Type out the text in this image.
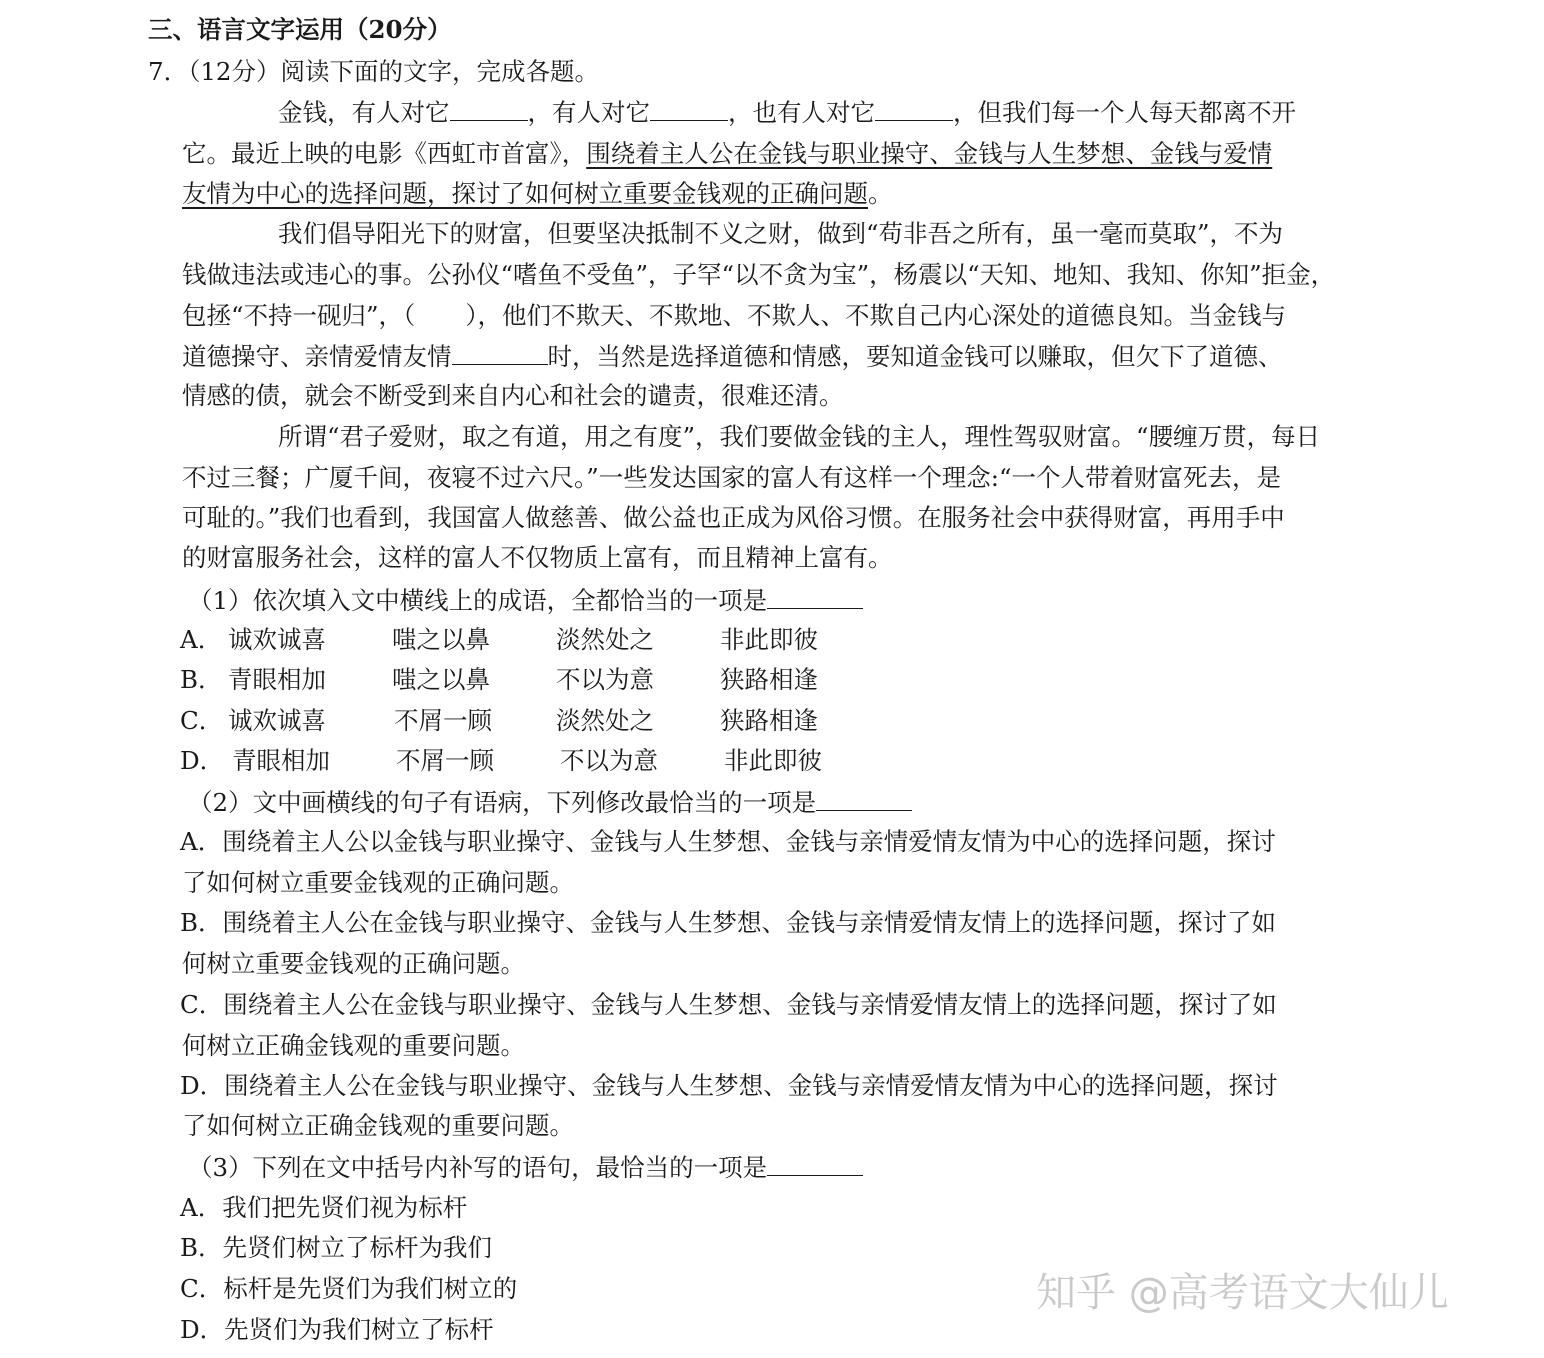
三、语言文字运用（20分）
7．（12分）阅读下面的文字，完成各题。
金钱，有人对它	，有人对它	，也有人对它	，但我们每一个人每天都离不开
它。最近上映的电影《西虹市首富》，围绕着主人公在金钱与职业操守、金钱与人生梦想、金钱与爱情
友情为中心的选择问题，探讨了如何树立重要金钱观的正确问题。
我们倡导阳光下的财富，但要坚决抵制不义之财，做到“苟非吾之所有，虽一毫而莫取”，不为
钱做违法或违心的事。公孙仪“嗜鱼不受鱼”，子罕“以不贪为宝”，杨震以“天知、地知、我知、你知”拒金，
包拯“不持一砚归”，（ ），他们不欺天、不欺地、不欺人、不欺自己内心深处的道德良知。当金钱与
道德操守、亲情爱情友情	时，当然是选择道德和情感，要知道金钱可以赚取，但欠下了道德、
情感的债，就会不断受到来自内心和社会的谴责，很难还清。
所谓“君子爱财，取之有道，用之有度”，我们要做金钱的主人，理性驾驭财富。“腰缠万贯，每日
不过三餐；广厦千间，夜寝不过六尺。”一些发达国家的富人有这样一个理念:“一个人带着财富死去，是
可耻的。”我们也看到，我国富人做慈善、做公益也正成为风俗习惯。在服务社会中获得财富，再用手中
的财富服务社会，这样的富人不仅物质上富有，而且精神上富有。
（1）依次填入文中横线上的成语，全都恰当的一项是
A． 诚欢诚喜	嗤之以鼻	淡然处之	非此即彼
B． 青眼相加	嗤之以鼻	不以为意	狭路相逢
C． 诚欢诚喜	不屑一顾	淡然处之	狭路相逢
D． 青眼相加	不屑一顾	不以为意	非此即彼
（2）文中画横线的句子有语病，下列修改最恰当的一项是
A．围绕着主人公以金钱与职业操守、金钱与人生梦想、金钱与亲情爱情友情为中心的选择问题，探讨
了如何树立重要金钱观的正确问题。
B．围绕着主人公在金钱与职业操守、金钱与人生梦想、金钱与亲情爱情友情上的选择问题，探讨了如
何树立重要金钱观的正确问题。
C．围绕着主人公在金钱与职业操守、金钱与人生梦想、金钱与亲情爱情友情上的选择问题，探讨了如
何树立正确金钱观的重要问题。
D．围绕着主人公在金钱与职业操守、金钱与人生梦想、金钱与亲情爱情友情为中心的选择问题，探讨
了如何树立正确金钱观的重要问题。
（3）下列在文中括号内补写的语句，最恰当的一项是
A．我们把先贤们视为标杆
B．先贤们树立了标杆为我们
C．标杆是先贤们为我们树立的
D．先贤们为我们树立了标杆
知乎 @高考语文大仙儿
